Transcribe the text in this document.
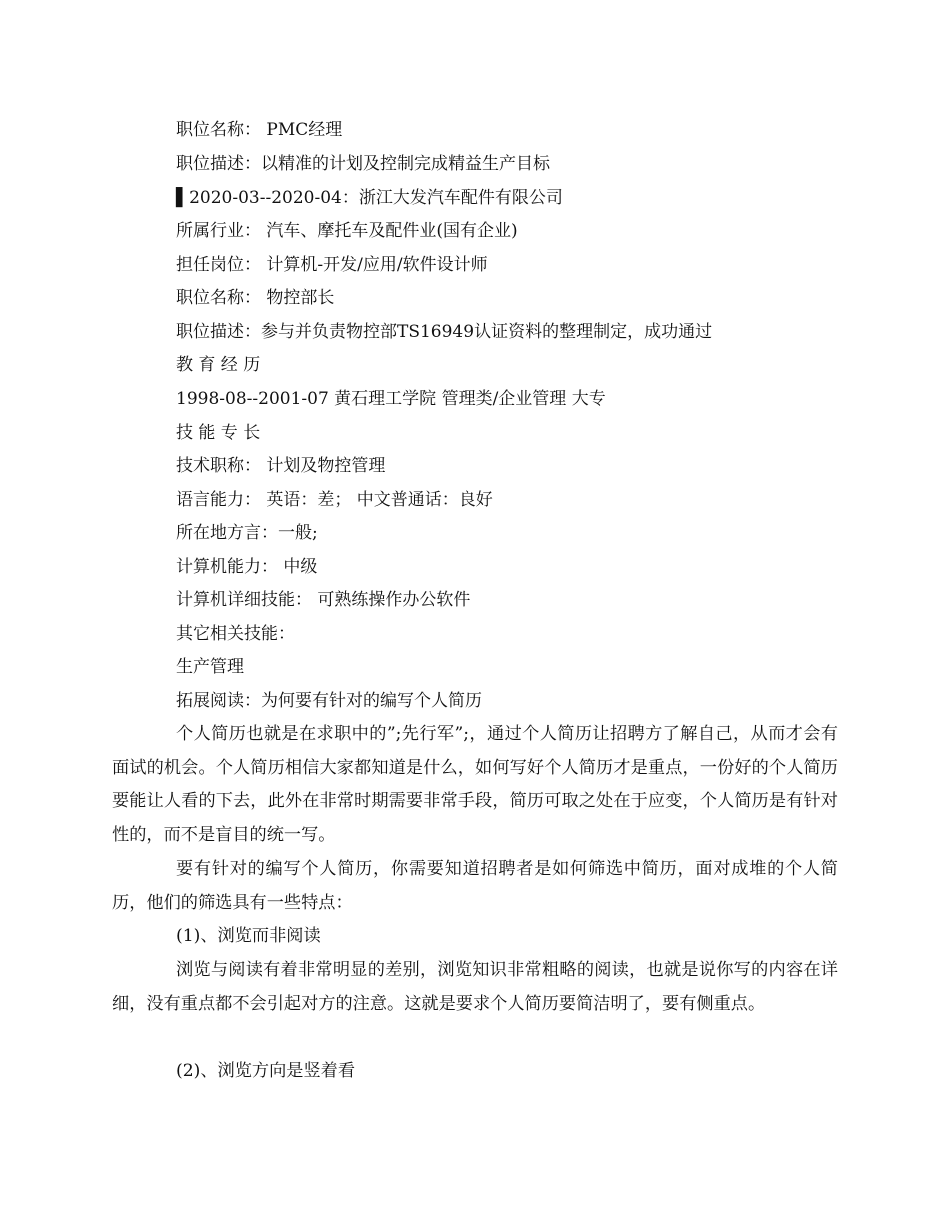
职位名称： PMC经理
职位描述：以精准的计划及控制完成精益生产目标
▌2020-03--2020-04：浙江大发汽车配件有限公司
所属行业： 汽车、摩托车及配件业(国有企业)
担任岗位： 计算机-开发/应用/软件设计师
职位名称： 物控部长
职位描述：参与并负责物控部TS16949认证资料的整理制定，成功通过
教 育 经 历
1998-08--2001-07 黄石理工学院 管理类/企业管理 大专
技 能 专 长
技术职称： 计划及物控管理
语言能力： 英语：差； 中文普通话：良好
所在地方言：一般;
计算机能力： 中级
计算机详细技能： 可熟练操作办公软件
其它相关技能：
生产管理
拓展阅读：为何要有针对的编写个人简历

个人简历也就是在求职中的”;先行军”;，通过个人简历让招聘方了解自己，从而才会有面试的机会。个人简历相信大家都知道是什么，如何写好个人简历才是重点，一份好的个人简历要能让人看的下去，此外在非常时期需要非常手段，简历可取之处在于应变，个人简历是有针对性的，而不是盲目的统一写。

要有针对的编写个人简历，你需要知道招聘者是如何筛选中简历，面对成堆的个人简历，他们的筛选具有一些特点：

(1)、浏览而非阅读

浏览与阅读有着非常明显的差别，浏览知识非常粗略的阅读，也就是说你写的内容在详细，没有重点都不会引起对方的注意。这就是要求个人简历要简洁明了，要有侧重点。

(2)、浏览方向是竖着看
